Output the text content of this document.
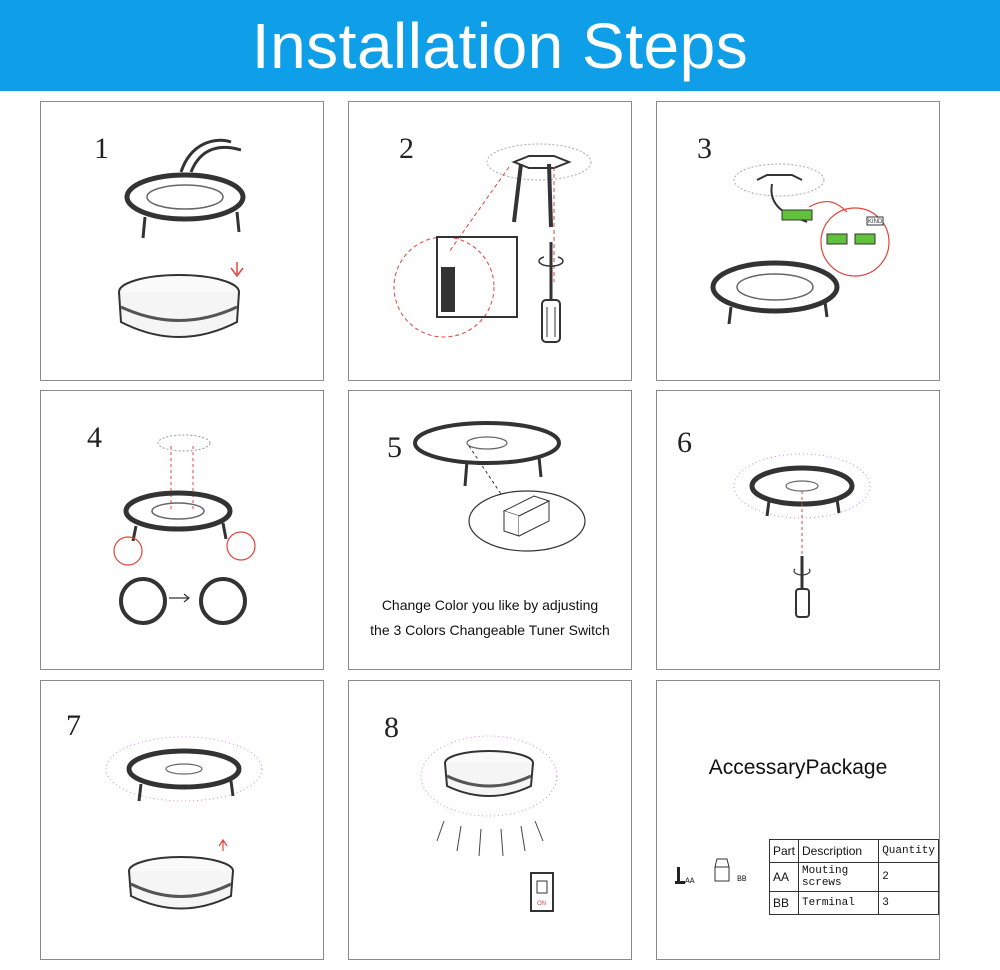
Installation Steps
1	2	3
KIND
4	5
Change Color you like by adjusting
the 3 Colors Changeable Tuner Switch
6
7	8
ON
AccessaryPackage
AA	BB
Part	Description	Quantity
AA	Mouting screws	2
BB	Terminal	3
